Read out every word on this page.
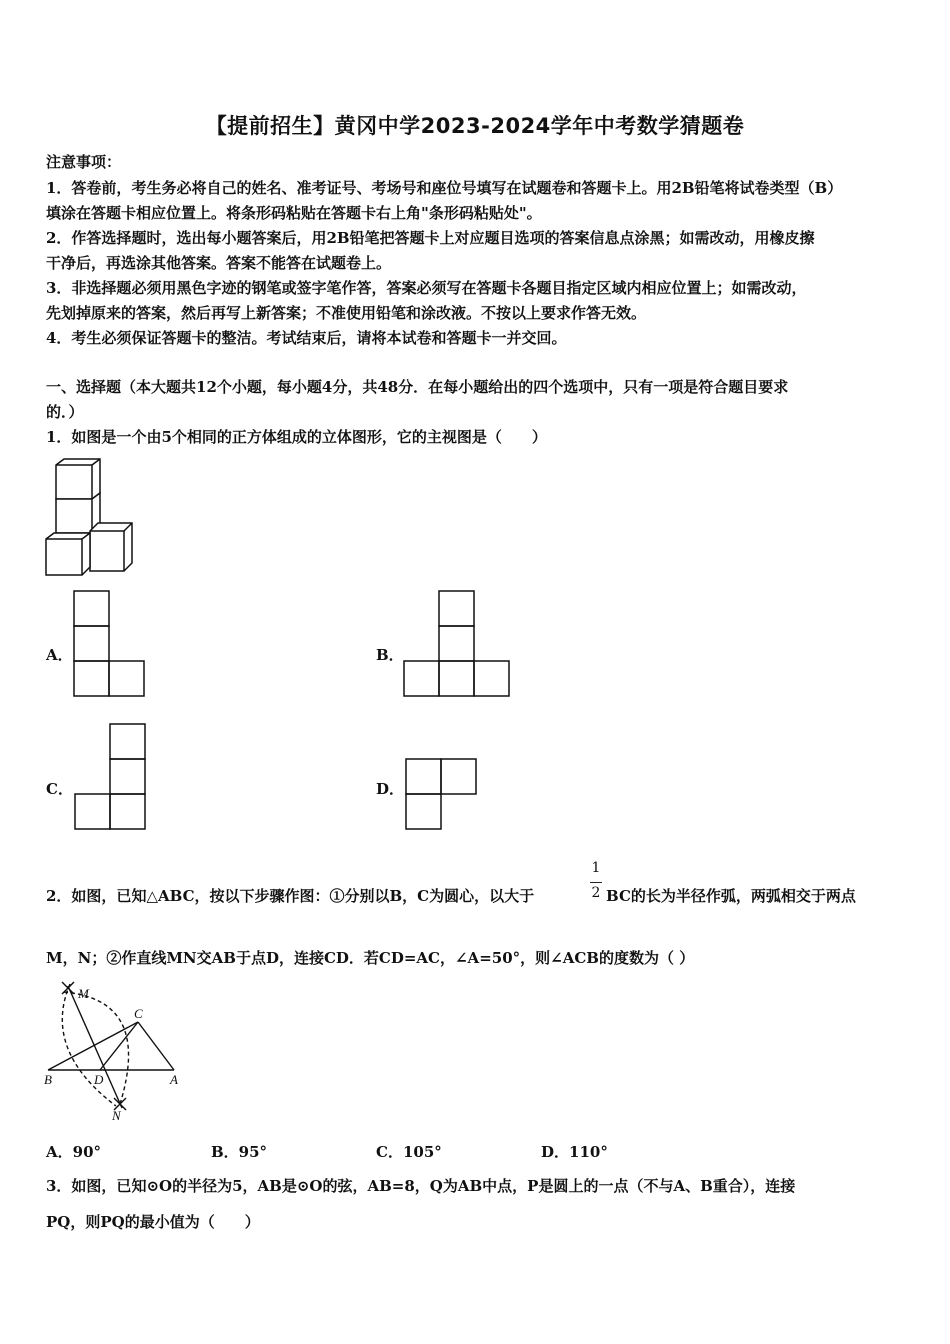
【提前招生】黄冈中学2023-2024学年中考数学猜题卷
注意事项：
1．答卷前，考生务必将自己的姓名、准考证号、考场号和座位号填写在试题卷和答题卡上。用2B铅笔将试卷类型（B）
填涂在答题卡相应位置上。将条形码粘贴在答题卡右上角"条形码粘贴处"。
2．作答选择题时，选出每小题答案后，用2B铅笔把答题卡上对应题目选项的答案信息点涂黑；如需改动，用橡皮擦
干净后，再选涂其他答案。答案不能答在试题卷上。
3．非选择题必须用黑色字迹的钢笔或签字笔作答，答案必须写在答题卡各题目指定区域内相应位置上；如需改动，
先划掉原来的答案，然后再写上新答案；不准使用铅笔和涂改液。不按以上要求作答无效。
4．考生必须保证答题卡的整洁。考试结束后，请将本试卷和答题卡一并交回。
一、选择题（本大题共12个小题，每小题4分，共48分．在每小题给出的四个选项中，只有一项是符合题目要求
的．）
1．如图是一个由5个相同的正方体组成的立体图形，它的主视图是（　　）
A．	B．
C．	D．
2．如图，已知△ABC，按以下步骤作图：①分别以B，C为圆心，以大于
1
2 BC的长为半径作弧，两弧相交于两点
M，N；②作直线MN交AB于点D，连接CD．若CD=AC，∠A=50°，则∠ACB的度数为（ ）
M
C
B	D	A
N
A．90°	B．95°	C．105°	D．110°
3．如图，已知⊙O的半径为5，AB是⊙O的弦，AB=8，Q为AB中点，P是圆上的一点（不与A、B重合），连接
PQ，则PQ的最小值为（　　）
